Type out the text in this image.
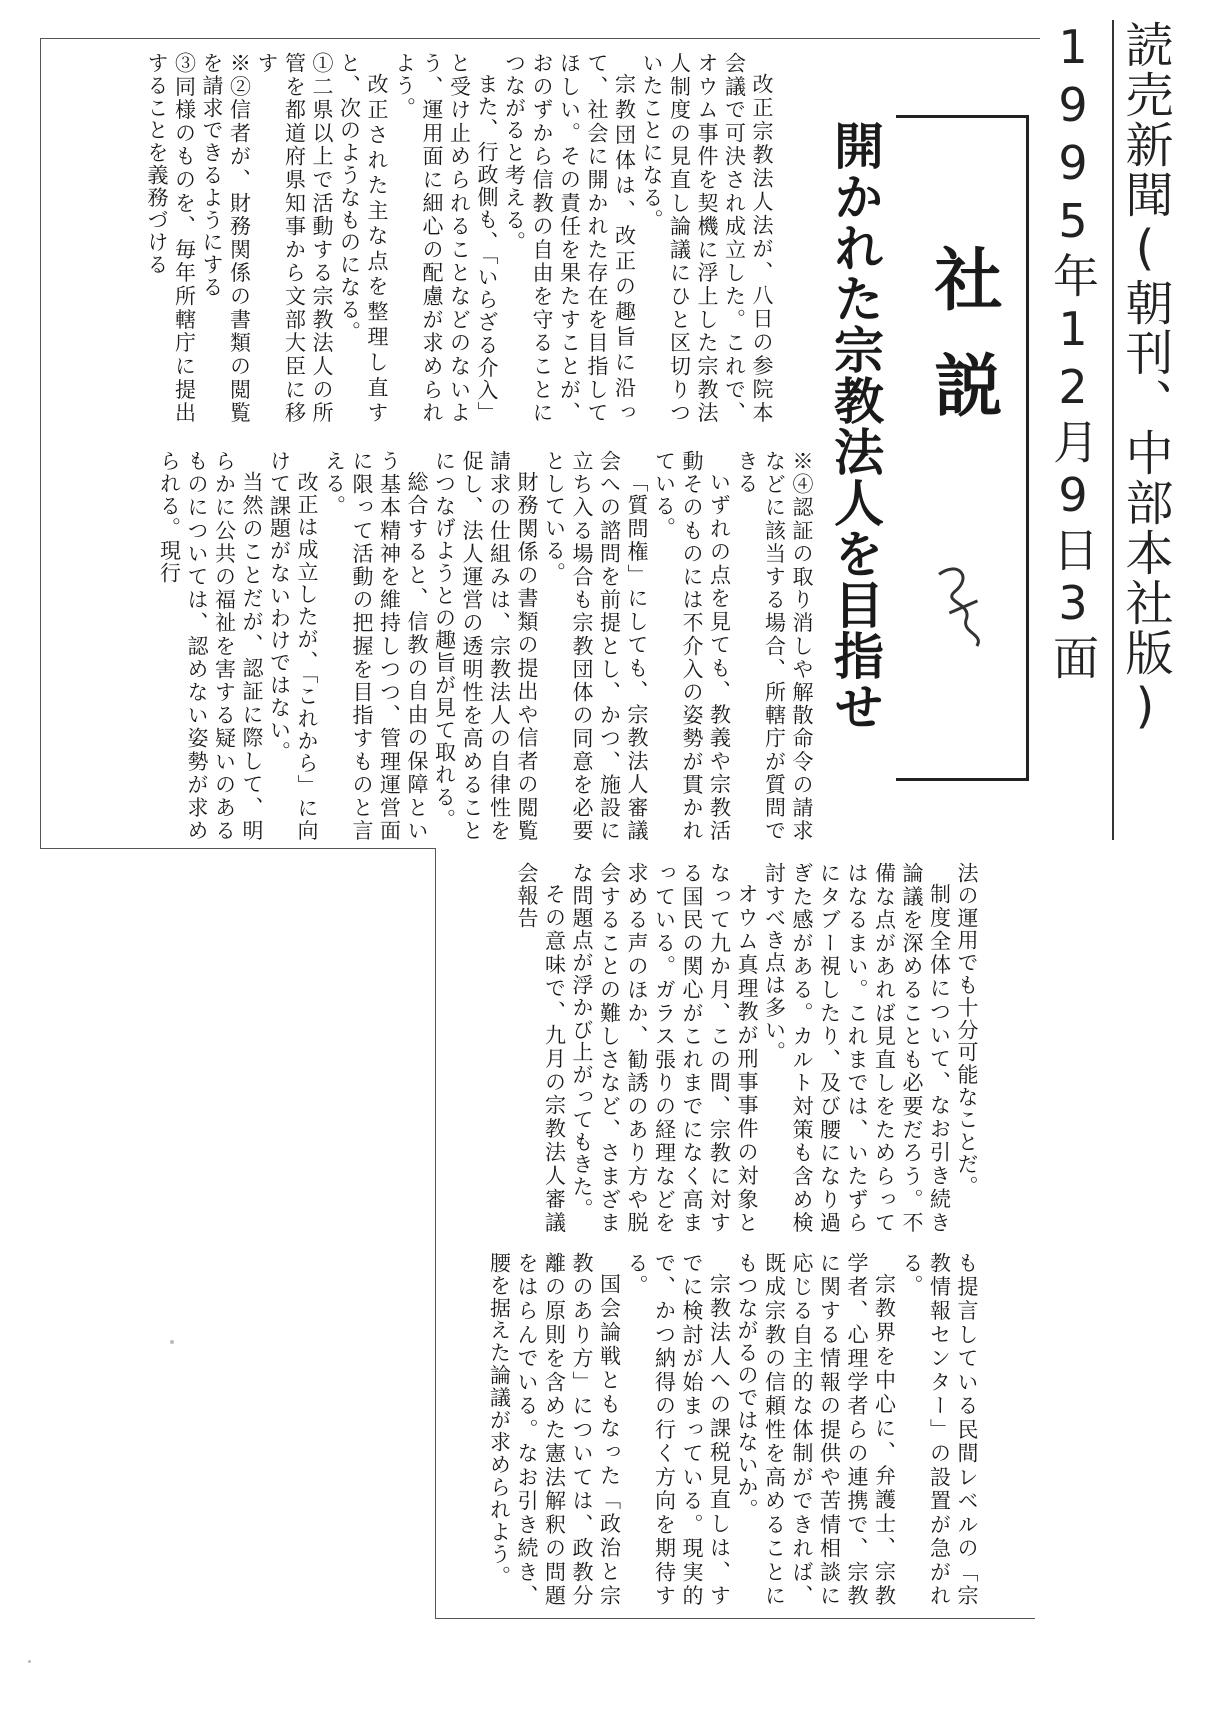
読売新聞(朝刊、中部本社版)
1995年12月9日3面
社説
開かれた宗教法人を目指せ

改正宗教法人法が、八日の参院本会議で可決され成立した。これで、オウム事件を契機に浮上した宗教法人制度の見直し論議にひと区切りついたことになる。

宗教団体は、改正の趣旨に沿って、社会に開かれた存在を目指してほしい。その責任を果たすことが、おのずから信教の自由を守ることにつながると考える。

また、行政側も、「いらざる介入」と受け止められることなどのないよう、運用面に細心の配慮が求められよう。

改正された主な点を整理し直すと、次のようなものになる。

①二県以上で活動する宗教法人の所管を都道府県知事から文部大臣に移す

※②信者が、財務関係の書類の閲覧を請求できるようにする

③同様のものを、毎年所轄庁に提出することを義務づける

※④認証の取り消しや解散命令の請求などに該当する場合、所轄庁が質問できる

いずれの点を見ても、教義や宗教活動そのものには不介入の姿勢が貫かれている。

「質問権」にしても、宗教法人審議会への諮問を前提とし、かつ、施設に立ち入る場合も宗教団体の同意を必要としている。

財務関係の書類の提出や信者の閲覧請求の仕組みは、宗教法人の自律性を促し、法人運営の透明性を高めることにつなげようとの趣旨が見て取れる。

総合すると、信教の自由の保障という基本精神を維持しつつ、管理運営面に限って活動の把握を目指すものと言える。

改正は成立したが、「これから」に向けて課題がないわけではない。

当然のことだが、認証に際して、明らかに公共の福祉を害する疑いのあるものについては、認めない姿勢が求められる。現行

法の運用でも十分可能なことだ。

制度全体について、なお引き続き論議を深めることも必要だろう。不備な点があれば見直しをためらってはなるまい。これまでは、いたずらにタブー視したり、及び腰になり過ぎた感がある。カルト対策も含め検討すべき点は多い。

オウム真理教が刑事事件の対象となって九か月、この間、宗教に対する国民の関心がこれまでになく高まっている。ガラス張りの経理などを求める声のほか、勧誘のあり方や脱会することの難しさなど、さまざまな問題点が浮かび上がってもきた。

その意味で、九月の宗教法人審議会報告

も提言している民間レベルの「宗教情報センター」の設置が急がれる。

宗教界を中心に、弁護士、宗教学者、心理学者らの連携で、宗教に関する情報の提供や苦情相談に応じる自主的な体制ができれば、既成宗教の信頼性を高めることにもつながるのではないか。

宗教法人への課税見直しは、すでに検討が始まっている。現実的で、かつ納得の行く方向を期待する。

国会論戦ともなった「政治と宗教のあり方」については、政教分離の原則を含めた憲法解釈の問題をはらんでいる。なお引き続き、腰を据えた論議が求められよう。
